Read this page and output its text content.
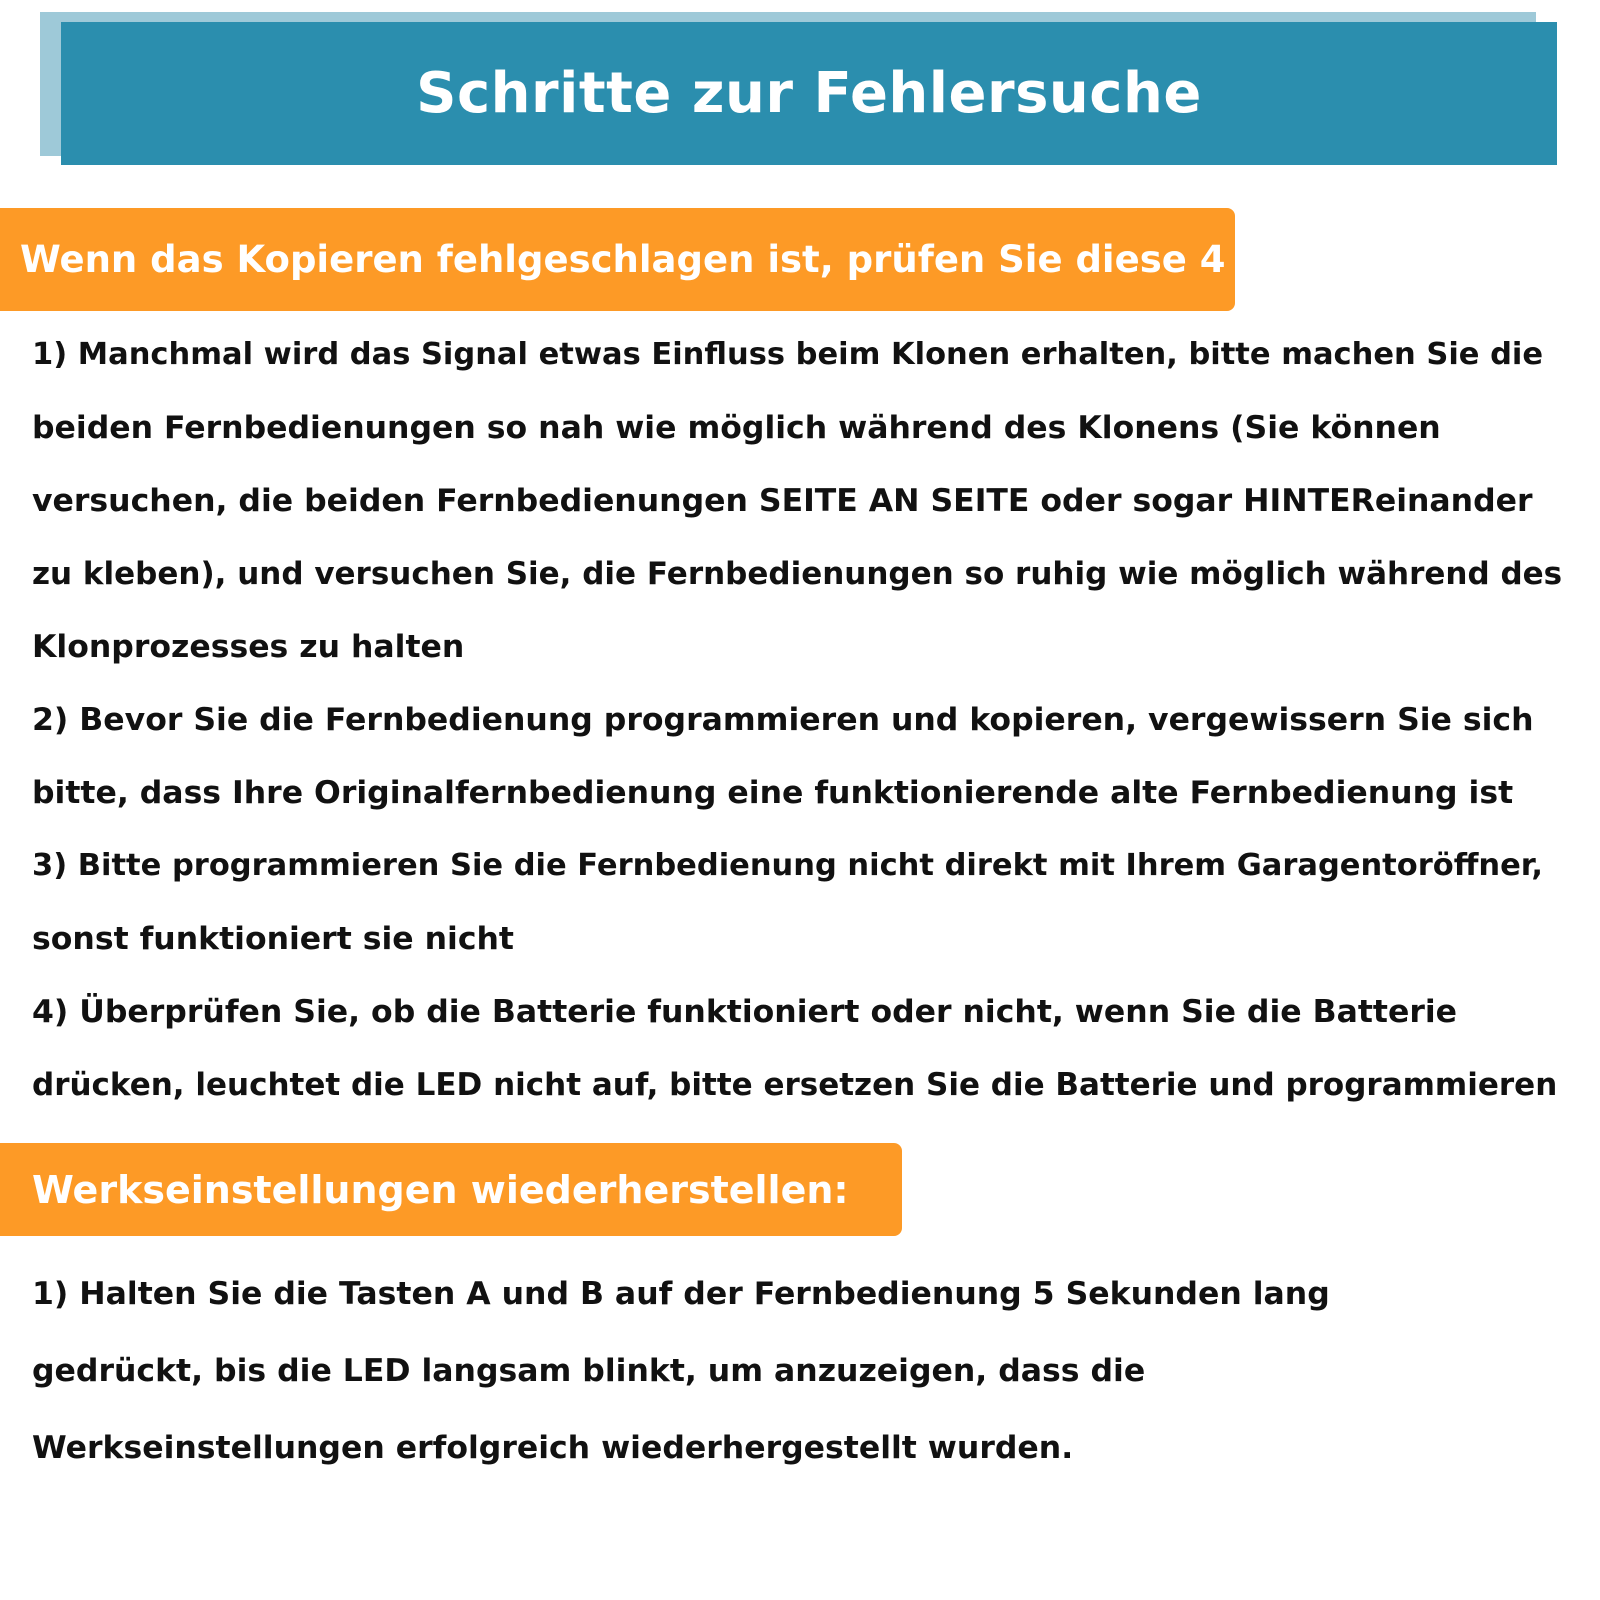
Schritte zur Fehlersuche
Wenn das Kopieren fehlgeschlagen ist, prüfen Sie diese 4
1) Manchmal wird das Signal etwas Einfluss beim Klonen erhalten, bitte machen Sie die
beiden Fernbedienungen so nah wie möglich während des Klonens (Sie können
versuchen, die beiden Fernbedienungen SEITE AN SEITE oder sogar HINTEReinander
zu kleben), und versuchen Sie, die Fernbedienungen so ruhig wie möglich während des
Klonprozesses zu halten
2) Bevor Sie die Fernbedienung programmieren und kopieren, vergewissern Sie sich
bitte, dass Ihre Originalfernbedienung eine funktionierende alte Fernbedienung ist
3) Bitte programmieren Sie die Fernbedienung nicht direkt mit Ihrem Garagentoröffner,
sonst funktioniert sie nicht
4) Überprüfen Sie, ob die Batterie funktioniert oder nicht, wenn Sie die Batterie
drücken, leuchtet die LED nicht auf, bitte ersetzen Sie die Batterie und programmieren
Werkseinstellungen wiederherstellen:
1) Halten Sie die Tasten A und B auf der Fernbedienung 5 Sekunden lang
gedrückt, bis die LED langsam blinkt, um anzuzeigen, dass die
Werkseinstellungen erfolgreich wiederhergestellt wurden.
